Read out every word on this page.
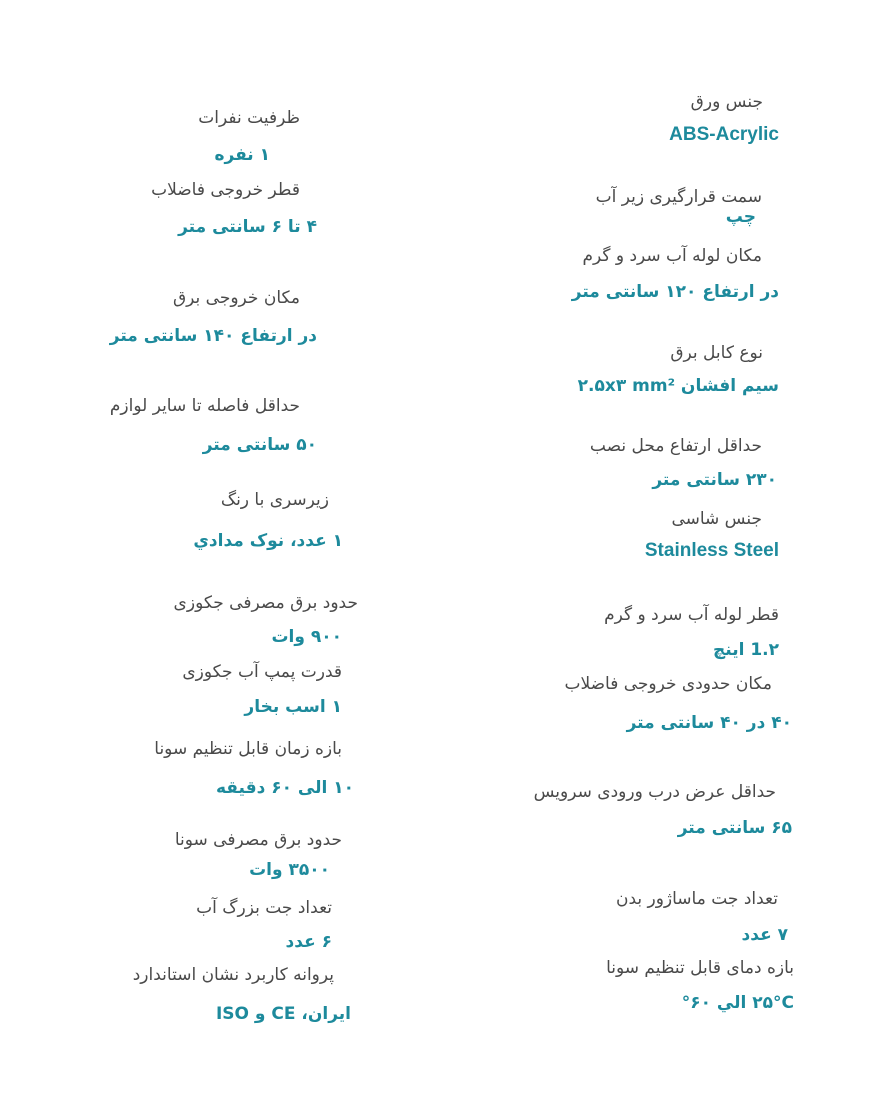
جنس ورق
ABS-Acrylic
سمت قرارگیری زیر آب
چپ
مکان لوله آب سرد و گرم
در ارتفاع ۱۲۰ سانتی متر
نوع کابل برق
سیم افشان ۲.۵x۳ mm²
حداقل ارتفاع محل نصب
۲۳۰ سانتی متر
جنس شاسی
Stainless Steel
قطر لوله آب سرد و گرم
1.۲ اینچ
مکان حدودی خروجی فاضلاب
۴۰ در ۴۰ سانتی متر
حداقل عرض درب ورودی سرویس
۶۵ سانتی متر
تعداد جت ماساژور بدن
۷ عدد
بازه دمای قابل تنظیم سونا
۲۵°C الي ۶۰°
ظرفیت نفرات
۱ نفره
قطر خروجی فاضلاب
۴ تا ۶ سانتی متر
مکان خروجی برق
در ارتفاع ۱۴۰ سانتی متر
حداقل فاصله تا سایر لوازم
۵۰ سانتی متر
زیرسری با رنگ
۱ عدد، نوک مدادي
حدود برق مصرفی جکوزی
۹۰۰ وات
قدرت پمپ آب جکوزی
۱ اسب بخار
بازه زمان قابل تنظیم سونا
۱۰ الی ۶۰ دقیقه
حدود برق مصرفی سونا
۳۵۰۰ وات
تعداد جت بزرگ آب
۶ عدد
پروانه کاربرد نشان استاندارد
ایران، CE و ISO
